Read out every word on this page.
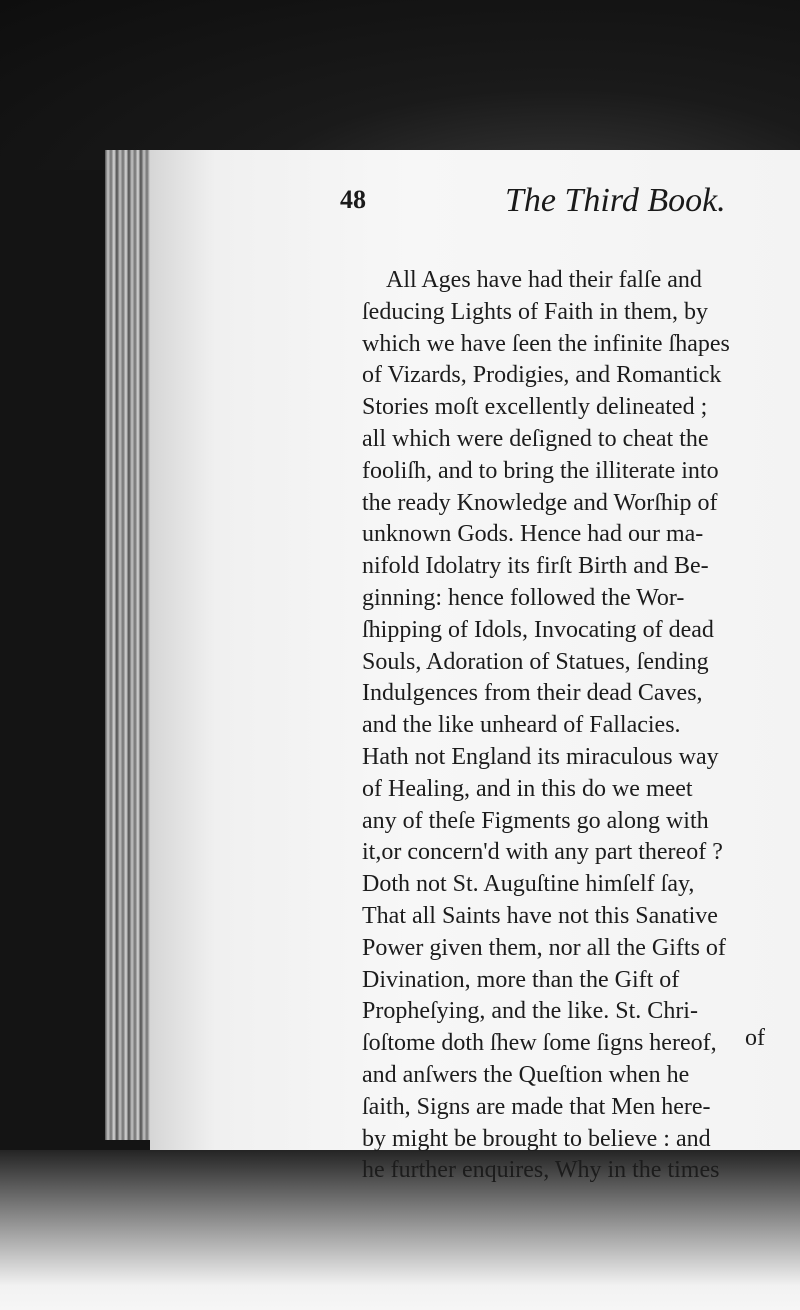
48	The Third Book.
All Ages have had their falſe and
ſeducing Lights of Faith in them, by
which we have ſeen the infinite ſhapes
of Vizards, Prodigies, and Romantick
Stories moſt excellently delineated ;
all which were deſigned to cheat the
fooliſh, and to bring the illiterate into
the ready Knowledge and Worſhip of
unknown Gods. Hence had our ma-
nifold Idolatry its firſt Birth and Be-
ginning: hence followed the Wor-
ſhipping of Idols, Invocating of dead
Souls, Adoration of Statues, ſending
Indulgences from their dead Caves,
and the like unheard of Fallacies.
Hath not England its miraculous way
of Healing, and in this do we meet
any of theſe Figments go along with
it,or concern'd with any part thereof ?
Doth not St. Auguſtine himſelf ſay,
That all Saints have not this Sanative
Power given them, nor all the Gifts of
Divination, more than the Gift of
Propheſying, and the like. St. Chri-
ſoſtome doth ſhew ſome ſigns hereof,
and anſwers the Queſtion when he
ſaith, Signs are made that Men here-
by might be brought to believe : and
he further enquires, Why in the times
of
